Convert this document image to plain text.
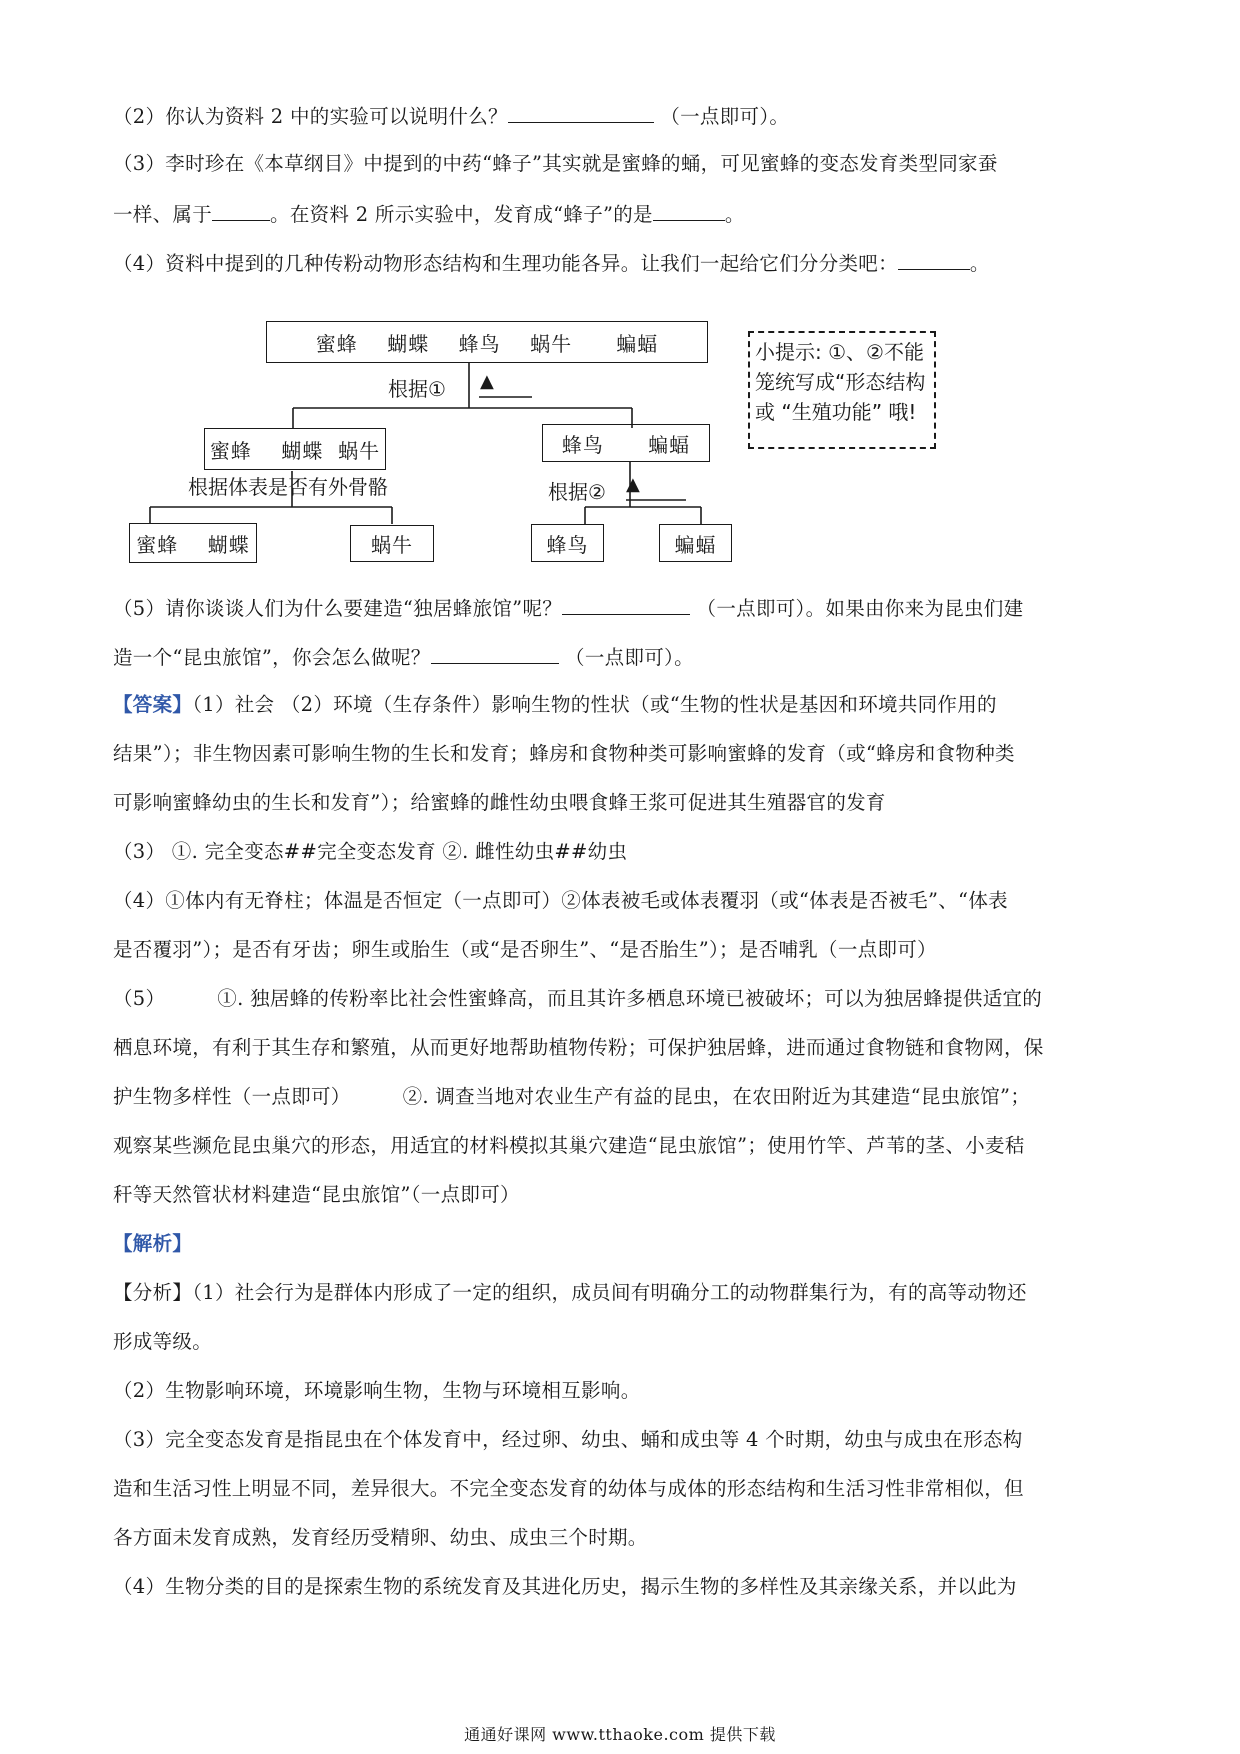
（2）你认为资料 2 中的实验可以说明什么？	（一点即可）。
（3）李时珍在《本草纲目》中提到的中药“蜂子”其实就是蜜蜂的蛹，可见蜜蜂的变态发育类型同家蚕
一样、属于	。在资料 2 所示实验中，发育成“蜂子”的是	。
（4）资料中提到的几种传粉动物形态结构和生理功能各异。让我们一起给它们分分类吧：	。
蜜蜂    蝴蝶    蜂鸟    蜗牛      蝙蝠
根据① ▲
蜜蜂    蝴蝶  蜗牛	蜂鸟      蝙蝠
根据体表是否有外骨骼	根据② ▲
蜜蜂    蝴蝶	蜗牛	蜂鸟	蝙蝠
小提示: ①、②不能
笼统写成“形态结构
或 “生殖功能” 哦!
（5）请你谈谈人们为什么要建造“独居蜂旅馆”呢？	（一点即可）。如果由你来为昆虫们建
造一个“昆虫旅馆”，你会怎么做呢？	（一点即可）。
【答案】（1）社会 （2）环境（生存条件）影响生物的性状（或“生物的性状是基因和环境共同作用的
结果”）；非生物因素可影响生物的生长和发育；蜂房和食物种类可影响蜜蜂的发育（或“蜂房和食物种类
可影响蜜蜂幼虫的生长和发育”）；给蜜蜂的雌性幼虫喂食蜂王浆可促进其生殖器官的发育
（3） ①. 完全变态##完全变态发育 ②. 雌性幼虫##幼虫
（4）①体内有无脊柱；体温是否恒定（一点即可）②体表被毛或体表覆羽（或“体表是否被毛”、“体表
是否覆羽”）；是否有牙齿；卵生或胎生（或“是否卵生”、“是否胎生”）；是否哺乳（一点即可）
（5）        ①. 独居蜂的传粉率比社会性蜜蜂高，而且其许多栖息环境已被破坏；可以为独居蜂提供适宜的
栖息环境，有利于其生存和繁殖，从而更好地帮助植物传粉；可保护独居蜂，进而通过食物链和食物网，保
护生物多样性（一点即可）        ②. 调查当地对农业生产有益的昆虫，在农田附近为其建造“昆虫旅馆”；
观察某些濒危昆虫巢穴的形态，用适宜的材料模拟其巢穴建造“昆虫旅馆”；使用竹竿、芦苇的茎、小麦秸
秆等天然管状材料建造“昆虫旅馆”（一点即可）
【解析】
【分析】（1）社会行为是群体内形成了一定的组织，成员间有明确分工的动物群集行为，有的高等动物还
形成等级。
（2）生物影响环境，环境影响生物，生物与环境相互影响。
（3）完全变态发育是指昆虫在个体发育中，经过卵、幼虫、蛹和成虫等 4 个时期，幼虫与成虫在形态构
造和生活习性上明显不同，差异很大。不完全变态发育的幼体与成体的形态结构和生活习性非常相似，但
各方面未发育成熟，发育经历受精卵、幼虫、成虫三个时期。
（4）生物分类的目的是探索生物的系统发育及其进化历史，揭示生物的多样性及其亲缘关系，并以此为
通通好课网 www.tthaoke.com 提供下载
